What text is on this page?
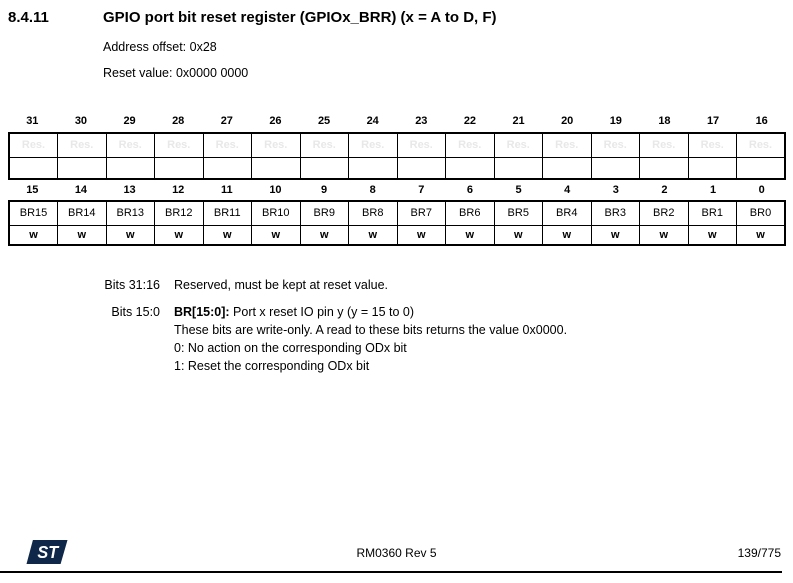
8.4.11	GPIO port bit reset register (GPIOx_BRR) (x = A to D, F)
Address offset: 0x28
Reset value: 0x0000 0000
31	30	29	28	27	26	25	24	23	22	21	20	19	18	17	16
Res.	Res.	Res.	Res.	Res.	Res.	Res.	Res.	Res.	Res.	Res.	Res.	Res.	Res.	Res.	Res.

15	14	13	12	11	10	9	8	7	6	5	4	3	2	1	0
BR15	BR14	BR13	BR12	BR11	BR10	BR9	BR8	BR7	BR6	BR5	BR4	BR3	BR2	BR1	BR0
w	w	w	w	w	w	w	w	w	w	w	w	w	w	w	w
Bits 31:16 Reserved, must be kept at reset value.
Bits 15:0 BR[15:0]: Port x reset IO pin y (y = 15 to 0)
These bits are write-only. A read to these bits returns the value 0x0000.
0: No action on the corresponding ODx bit
1: Reset the corresponding ODx bit
ST	RM0360 Rev 5	139/775
